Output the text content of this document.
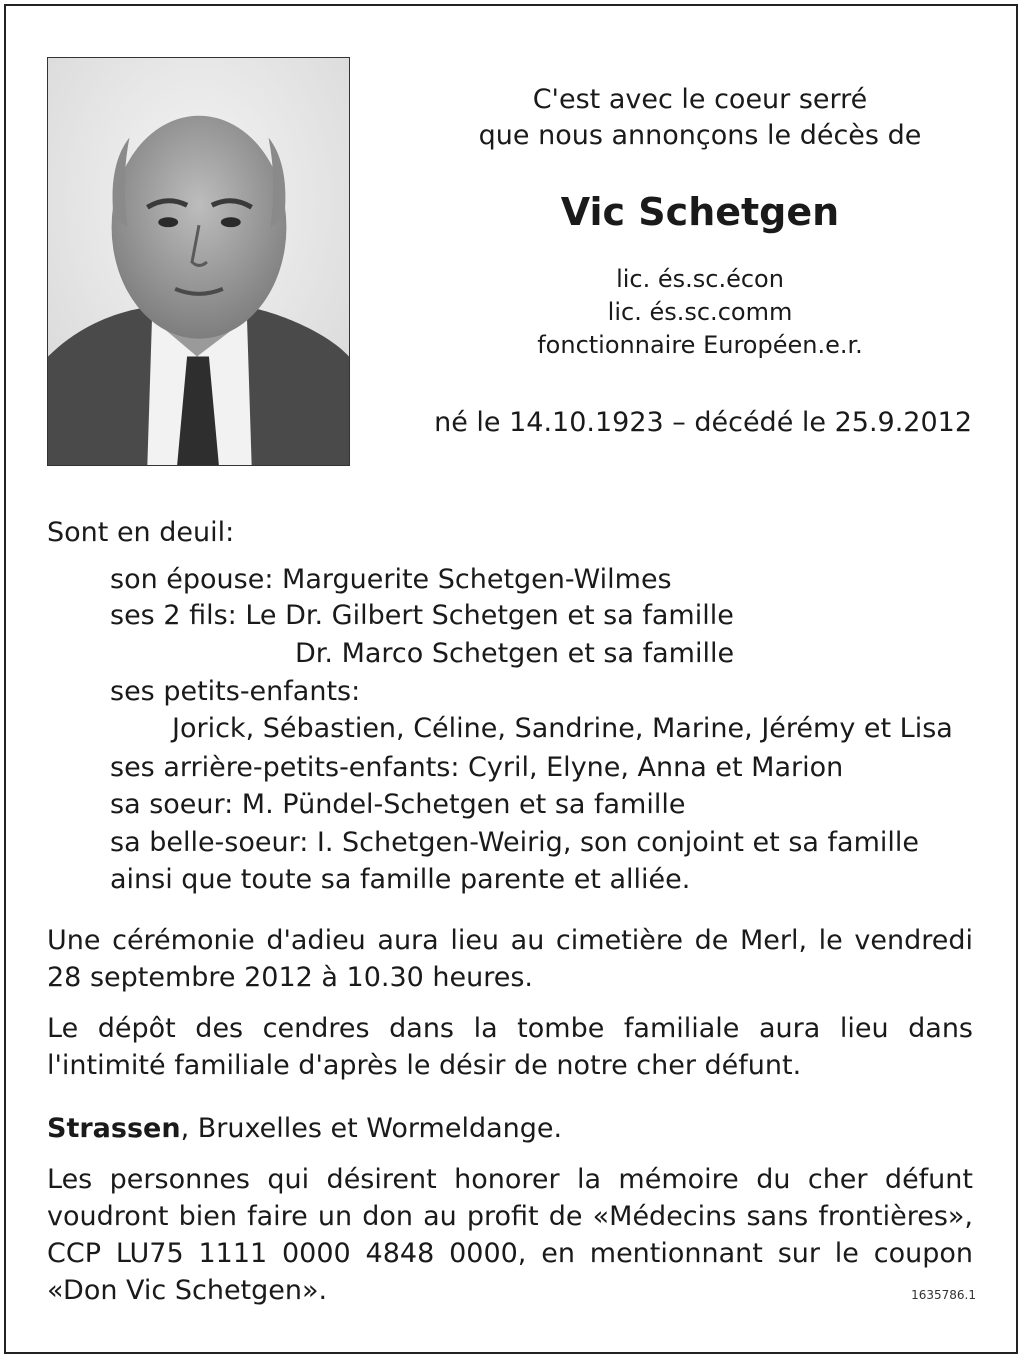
C'est avec le coeur serré
que nous annonçons le décès de
Vic Schetgen
lic. és.sc.écon
lic. és.sc.comm
fonctionnaire Européen.e.r.
né le 14.10.1923 – décédé le 25.9.2012
Sont en deuil:
son épouse: Marguerite Schetgen-Wilmes
ses 2 fils: Le Dr. Gilbert Schetgen et sa famille
Dr. Marco Schetgen et sa famille
ses petits-enfants:
Jorick, Sébastien, Céline, Sandrine, Marine, Jérémy et Lisa
ses arrière-petits-enfants: Cyril, Elyne, Anna et Marion
sa soeur: M. Pündel-Schetgen et sa famille
sa belle-soeur: I. Schetgen-Weirig, son conjoint et sa famille
ainsi que toute sa famille parente et alliée.
Une cérémonie d'adieu aura lieu au cimetière de Merl, le vendredi 28 septembre 2012 à 10.30 heures.
Le dépôt des cendres dans la tombe familiale aura lieu dans l'intimité familiale d'après le désir de notre cher défunt.
Strassen, Bruxelles et Wormeldange.
Les personnes qui désirent honorer la mémoire du cher défunt voudront bien faire un don au profit de «Médecins sans frontières», CCP LU75 1111 0000 4848 0000, en mentionnant sur le coupon «Don Vic Schetgen».	1635786.1
